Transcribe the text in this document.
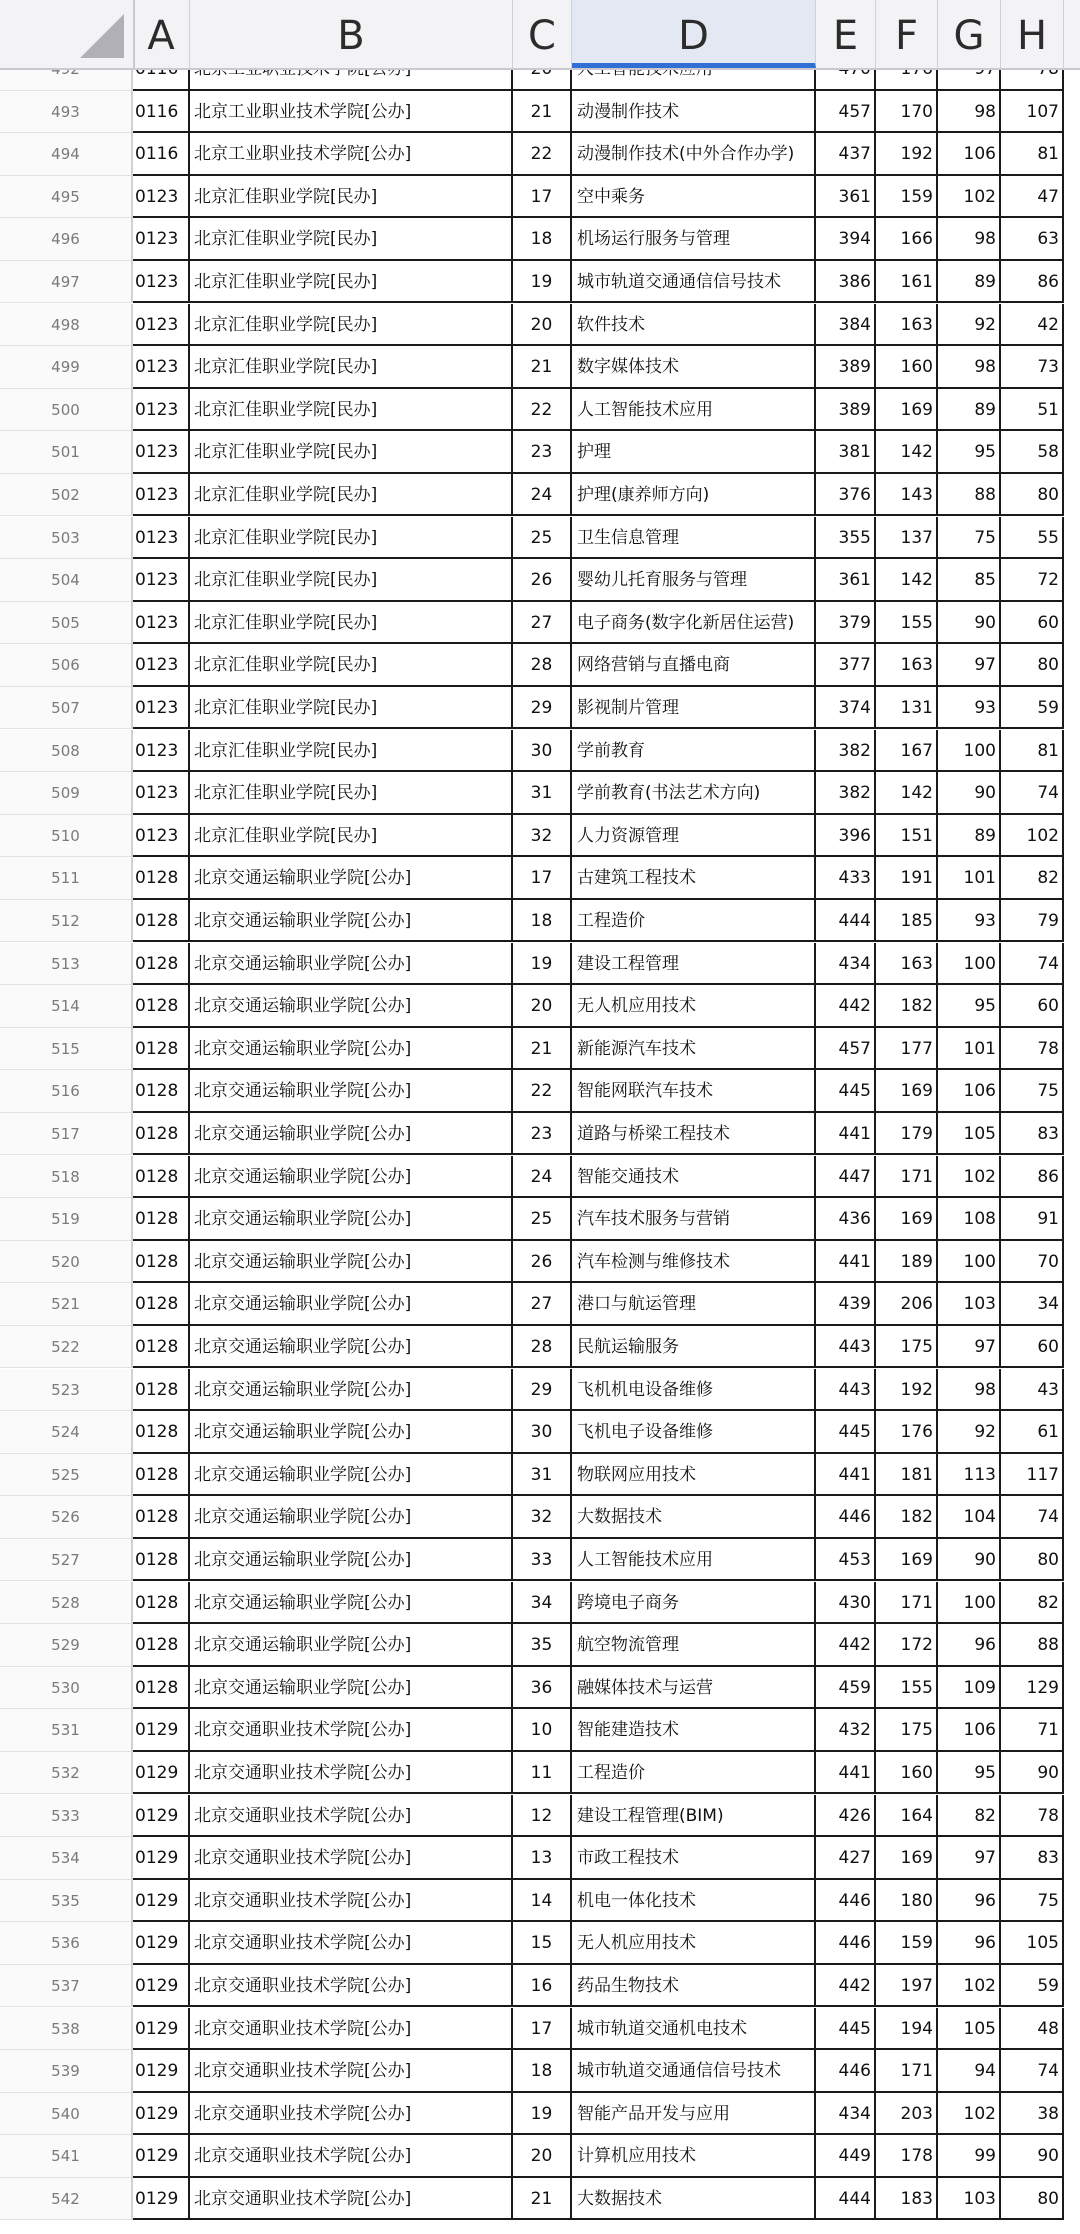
A	B	C	D	E F G H
493	0116 北京工业职业技术学院[公办]	21	动漫制作技术	457	170	98	107
494	0116 北京工业职业技术学院[公办]	22	动漫制作技术(中外合作办学)	437	192	106	81
495	0123 北京汇佳职业学院[民办]	17	空中乘务	361	159	102	47
496	0123 北京汇佳职业学院[民办]	18	机场运行服务与管理	394	166	98	63
497	0123 北京汇佳职业学院[民办]	19	城市轨道交通通信信号技术	386	161	89	86
498	0123 北京汇佳职业学院[民办]	20	软件技术	384	163	92	42
499	0123 北京汇佳职业学院[民办]	21	数字媒体技术	389	160	98	73
500	0123 北京汇佳职业学院[民办]	22	人工智能技术应用	389	169	89	51
501	0123 北京汇佳职业学院[民办]	23	护理	381	142	95	58
502	0123 北京汇佳职业学院[民办]	24	护理(康养师方向)	376	143	88	80
503	0123 北京汇佳职业学院[民办]	25	卫生信息管理	355	137	75	55
504	0123 北京汇佳职业学院[民办]	26	婴幼儿托育服务与管理	361	142	85	72
505	0123 北京汇佳职业学院[民办]	27	电子商务(数字化新居住运营)	379	155	90	60
506	0123 北京汇佳职业学院[民办]	28	网络营销与直播电商	377	163	97	80
507	0123 北京汇佳职业学院[民办]	29	影视制片管理	374	131	93	59
508	0123 北京汇佳职业学院[民办]	30	学前教育	382	167	100	81
509	0123 北京汇佳职业学院[民办]	31	学前教育(书法艺术方向)	382	142	90	74
510	0123 北京汇佳职业学院[民办]	32	人力资源管理	396	151	89	102
511	0128 北京交通运输职业学院[公办]	17	古建筑工程技术	433	191	101	82
512	0128 北京交通运输职业学院[公办]	18	工程造价	444	185	93	79
513	0128 北京交通运输职业学院[公办]	19	建设工程管理	434	163	100	74
514	0128 北京交通运输职业学院[公办]	20	无人机应用技术	442	182	95	60
515	0128 北京交通运输职业学院[公办]	21	新能源汽车技术	457	177	101	78
516	0128 北京交通运输职业学院[公办]	22	智能网联汽车技术	445	169	106	75
517	0128 北京交通运输职业学院[公办]	23	道路与桥梁工程技术	441	179	105	83
518	0128 北京交通运输职业学院[公办]	24	智能交通技术	447	171	102	86
519	0128 北京交通运输职业学院[公办]	25	汽车技术服务与营销	436	169	108	91
520	0128 北京交通运输职业学院[公办]	26	汽车检测与维修技术	441	189	100	70
521	0128 北京交通运输职业学院[公办]	27	港口与航运管理	439	206	103	34
522	0128 北京交通运输职业学院[公办]	28	民航运输服务	443	175	97	60
523	0128 北京交通运输职业学院[公办]	29	飞机机电设备维修	443	192	98	43
524	0128 北京交通运输职业学院[公办]	30	飞机电子设备维修	445	176	92	61
525	0128 北京交通运输职业学院[公办]	31	物联网应用技术	441	181	113	117
526	0128 北京交通运输职业学院[公办]	32	大数据技术	446	182	104	74
527	0128 北京交通运输职业学院[公办]	33	人工智能技术应用	453	169	90	80
528	0128 北京交通运输职业学院[公办]	34	跨境电子商务	430	171	100	82
529	0128 北京交通运输职业学院[公办]	35	航空物流管理	442	172	96	88
530	0128 北京交通运输职业学院[公办]	36	融媒体技术与运营	459	155	109	129
531	0129 北京交通职业技术学院[公办]	10	智能建造技术	432	175	106	71
532	0129 北京交通职业技术学院[公办]	11	工程造价	441	160	95	90
533	0129 北京交通职业技术学院[公办]	12	建设工程管理(BIM)	426	164	82	78
534	0129 北京交通职业技术学院[公办]	13	市政工程技术	427	169	97	83
535	0129 北京交通职业技术学院[公办]	14	机电一体化技术	446	180	96	75
536	0129 北京交通职业技术学院[公办]	15	无人机应用技术	446	159	96	105
537	0129 北京交通职业技术学院[公办]	16	药品生物技术	442	197	102	59
538	0129 北京交通职业技术学院[公办]	17	城市轨道交通机电技术	445	194	105	48
539	0129 北京交通职业技术学院[公办]	18	城市轨道交通通信信号技术	446	171	94	74
540	0129 北京交通职业技术学院[公办]	19	智能产品开发与应用	434	203	102	38
541	0129 北京交通职业技术学院[公办]	20	计算机应用技术	449	178	99	90
542	0129 北京交通职业技术学院[公办]	21	大数据技术	444	183	103	80
